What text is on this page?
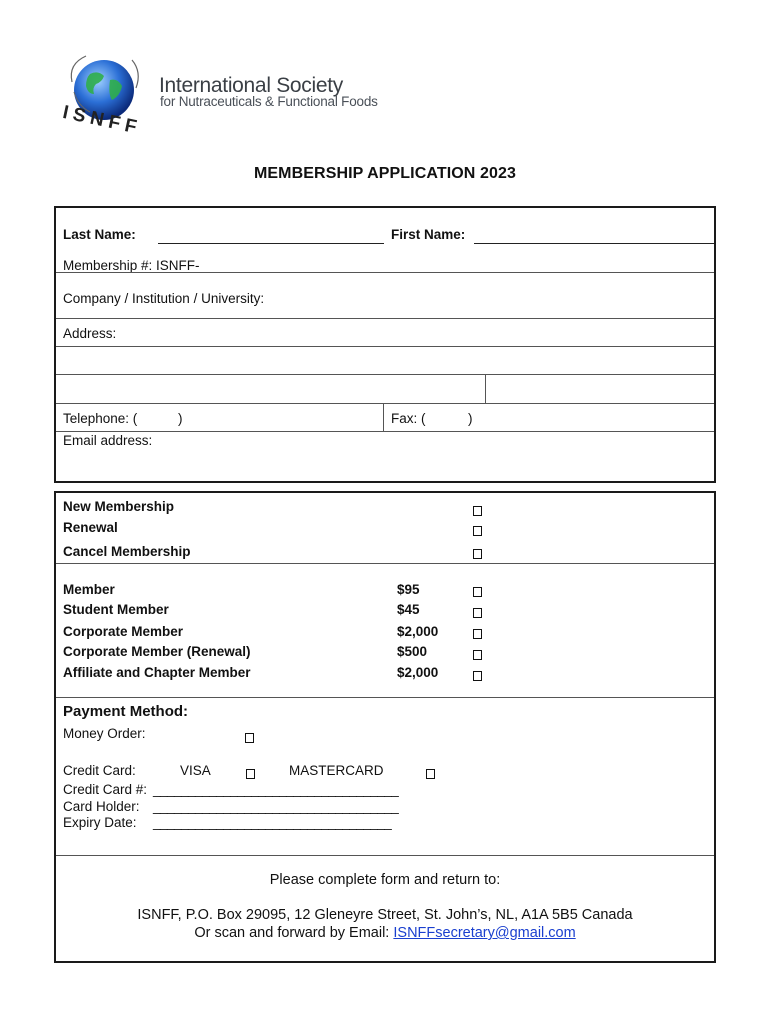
International Society
for Nutraceuticals & Functional Foods
ISNFF
MEMBERSHIP APPLICATION 2023
Last Name:	First Name:
Membership #: ISNFF-
Company / Institution / University:
Address:
Telephone: (	)	Fax: (	)
Email address:
New Membership
Renewal
Cancel Membership
Member	$95
Student Member	$45
Corporate Member	$2,000
Corporate Member (Renewal)	$500
Affiliate and Chapter Member	$2,000
Payment Method:
Money Order:
Credit Card:	VISA	MASTERCARD
Credit Card #: ___________________________________
Card Holder: ___________________________________
Expiry Date: __________________________________
Please complete form and return to:
ISNFF, P.O. Box 29095, 12 Gleneyre Street, St. John’s, NL, A1A 5B5 Canada
Or scan and forward by Email: ISNFFsecretary@gmail.com
